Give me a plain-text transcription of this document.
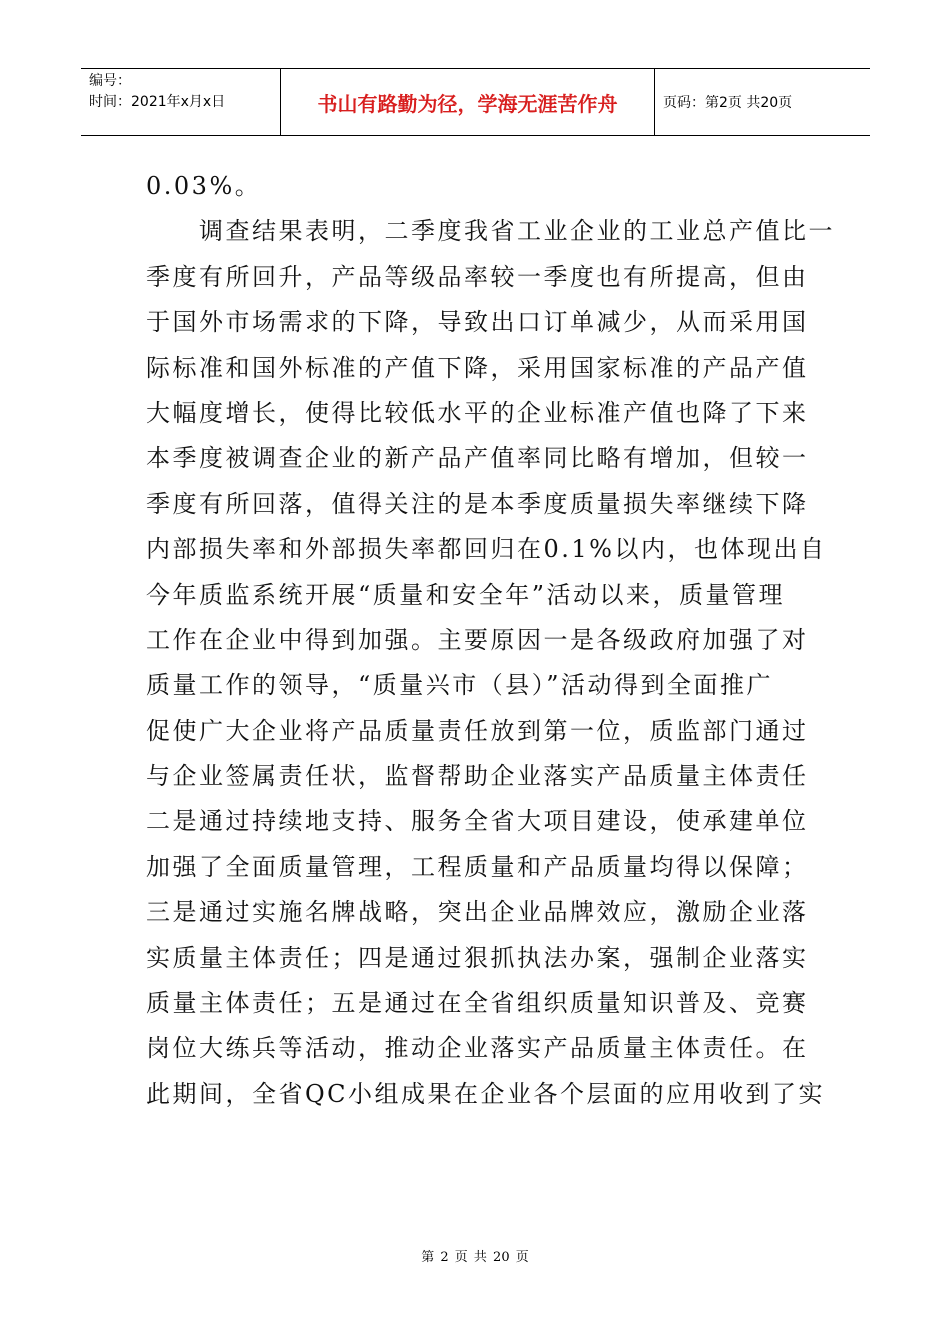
编号：
时间：2021年x月x日	书山有路勤为径，学海无涯苦作舟	页码：第2页 共20页
0.03%。
　　调查结果表明，二季度我省工业企业的工业总产值比一
季度有所回升，产品等级品率较一季度也有所提高，但由
于国外市场需求的下降，导致出口订单减少，从而采用国
际标准和国外标准的产值下降，采用国家标准的产品产值
大幅度增长，使得比较低水平的企业标准产值也降了下来
本季度被调查企业的新产品产值率同比略有增加，但较一
季度有所回落，值得关注的是本季度质量损失率继续下降
内部损失率和外部损失率都回归在0.1%以内，也体现出自
今年质监系统开展“质量和安全年”活动以来，质量管理
工作在企业中得到加强。主要原因一是各级政府加强了对
质量工作的领导，“质量兴市（县）”活动得到全面推广
促使广大企业将产品质量责任放到第一位，质监部门通过
与企业签属责任状，监督帮助企业落实产品质量主体责任
二是通过持续地支持、服务全省大项目建设，使承建单位
加强了全面质量管理，工程质量和产品质量均得以保障；
三是通过实施名牌战略，突出企业品牌效应，激励企业落
实质量主体责任；四是通过狠抓执法办案，强制企业落实
质量主体责任；五是通过在全省组织质量知识普及、竞赛
岗位大练兵等活动，推动企业落实产品质量主体责任。在
此期间，全省QC小组成果在企业各个层面的应用收到了实
第 2 页 共 20 页
